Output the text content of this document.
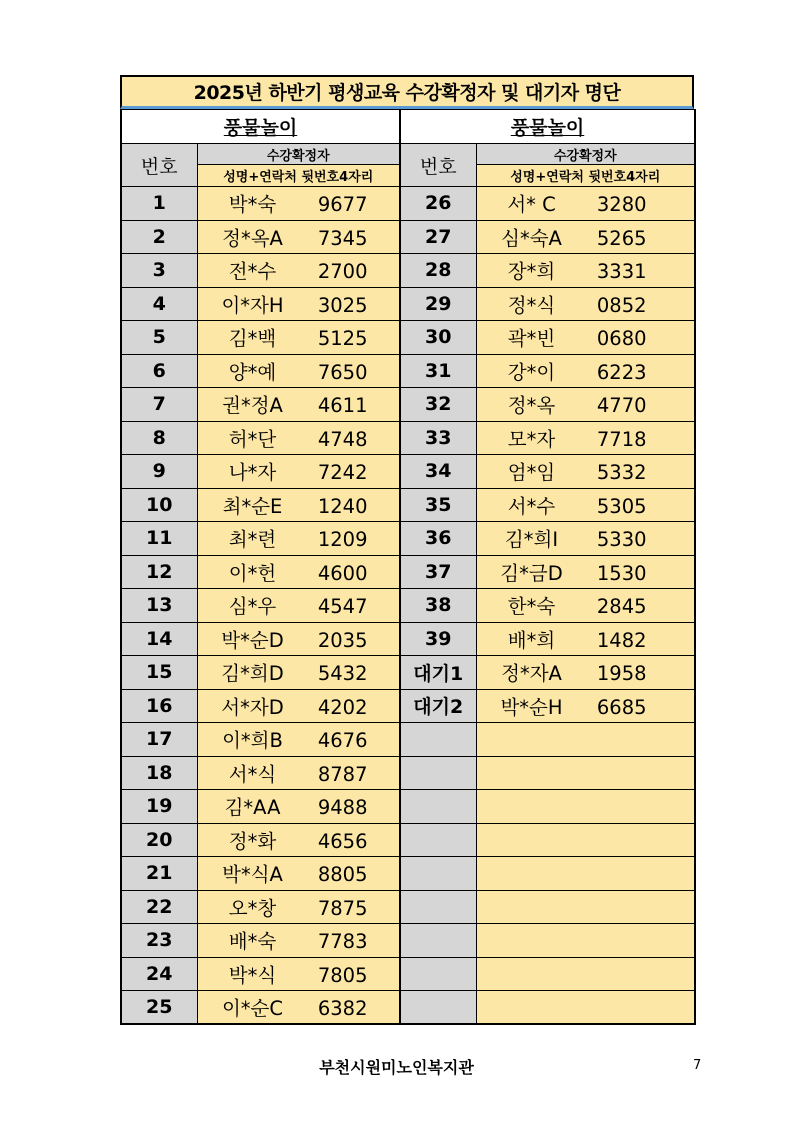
2025년 하반기 평생교육 수강확정자 및 대기자 명단
풍물놀이		풍물놀이	
번호	수강확정자	번호	수강확정자
	성명+연락처 뒷번호4자리		성명+연락처 뒷번호4자리
1	박*숙 9677	26	서* C 3280
2	정*옥A 7345	27	심*숙A 5265
3	전*수 2700	28	장*희 3331
4	이*자H 3025	29	정*식 0852
5	김*백 5125	30	곽*빈 0680
6	양*예 7650	31	강*이 6223
7	권*정A 4611	32	정*옥 4770
8	허*단 4748	33	모*자 7718
9	나*자 7242	34	엄*임 5332
10	최*순E 1240	35	서*수 5305
11	최*련 1209	36	김*희I 5330
12	이*헌 4600	37	김*금D 1530
13	심*우 4547	38	한*숙 2845
14	박*순D 2035	39	배*희 1482
15	김*희D 5432	대기1	정*자A 1958
16	서*자D 4202	대기2	박*순H 6685
17	이*희B 4676		
18	서*식 8787		
19	김*AA 9488		
20	정*화 4656		
21	박*식A 8805		
22	오*창 7875		
23	배*숙 7783		
24	박*식 7805		
25	이*순C 6382		
부천시원미노인복지관	7
